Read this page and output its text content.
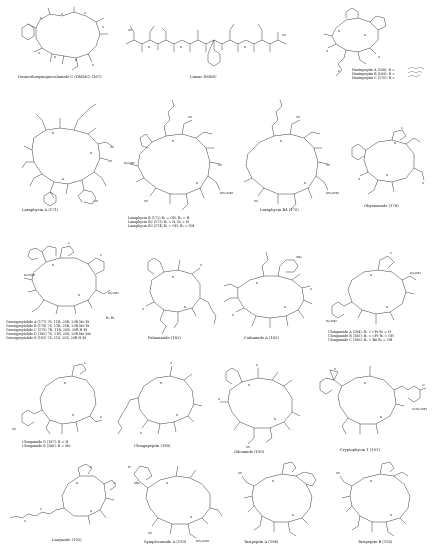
O	O
O
N
N
N
O
O
Desmethoxymajusculamide C (DMMC) (167)
HO
OH
N	N	N
Linear DMMC
R
O
O
N
N
Hantupeptin A (168): R =
Hantupeptin B (169): R =
Hantupeptin C (170): R =
OH
OH
OH
N
N
N
Laxaphycin A (171)
R\u2082
OH
OH
NH\u2082
HO
N
N
Laxaphycin B (172) R₁ = OH, R₂ = H
Laxaphycin B2 (173) R₁ = H, R₂ = H
Laxaphycin B3 (174) R₁ = OH, R₂ = OH
OH
OH
NH\u2082
HO
N
N
Laxaphycin B4 (175)
S
N
O
O
N
Obyanamide (176)
S
S
R\u2081
R\u2082
N
N
R₁ R₂
Grassypeptolide A (177) 7S, 11R, 25R, 29R Me Et
Grassypeptolide B (178) 7S, 11R, 25R, 29R Me Et
Grassypeptolide C (179) 7R, 11R, 25R, 29R H Et
Grassypeptolide D (180) 7S, 11R, 25S, 29R Me Me
Grassypeptolide E (181) 7S, 11S, 25S, 29R H Et
O
O
N
N
Palauamide (182)
OMe
N
N
O
O
Coibamide A (183)
S
R\u2081
R\u2082
N
N
Ulongamide A (184): R₁ = i-Pr R₂ = H
Ulongamide B (185): R₁ = i-Pr R₂ = OH
Ulongamide C (186): R₁ = Bn R₂ = OH
S
HO
R
N
N
Ulongamide D (187): R = H
Ulongamide E (188): R = Me
N
N
O
O
Ulongapeptin (189)
O
O
N
N
OH
Odoamide (190)
O
Cl
OCH\u2083
N
N
Cryptophycin 1 (191)
S
S
S
O
N
N
Largazole (192)
Br
OMe
HO
NH\u2082
N
N
Symplocamide A (193)
OH
N
N
Tasipeptin A (194)
OH
N
N
Tasipeptin B (195)
